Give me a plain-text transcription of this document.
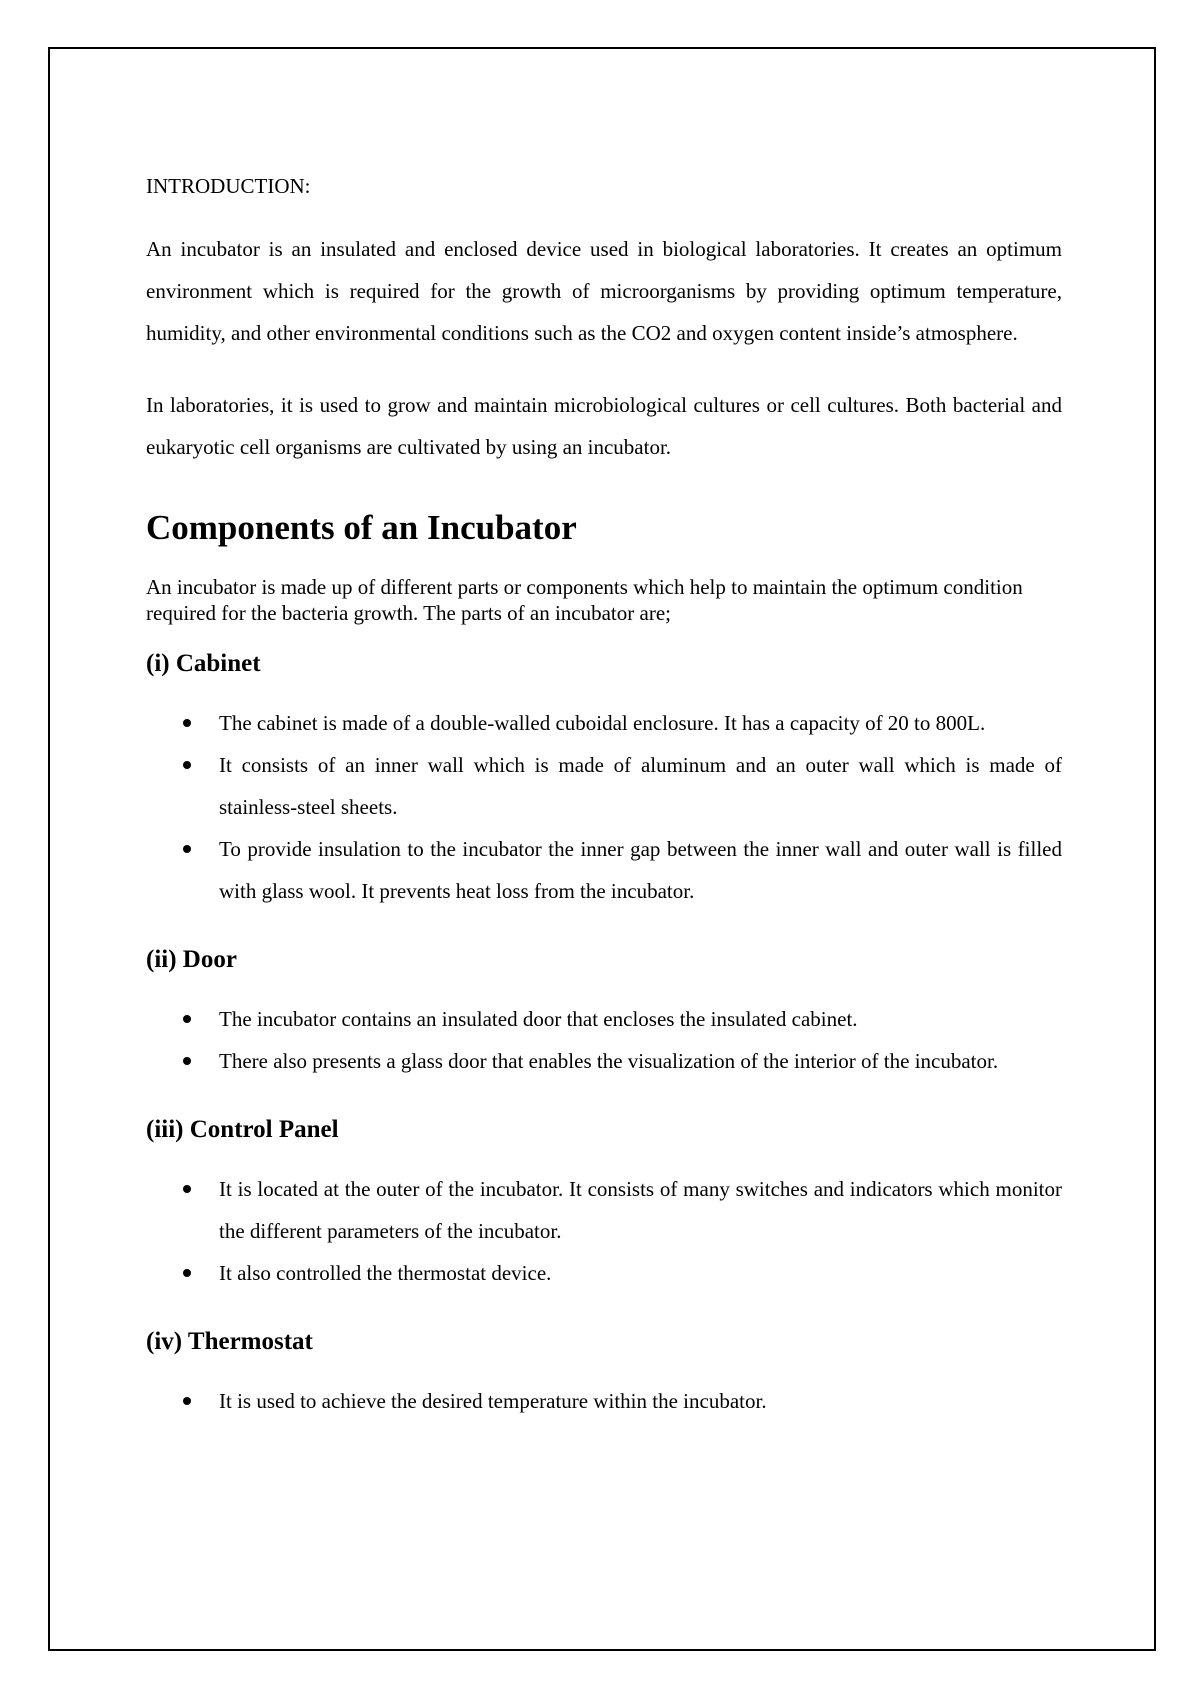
INTRODUCTION:

An incubator is an insulated and enclosed device used in biological laboratories. It creates an optimum environment which is required for the growth of microorganisms by providing optimum temperature, humidity, and other environmental conditions such as the CO2 and oxygen content inside’s atmosphere.

In laboratories, it is used to grow and maintain microbiological cultures or cell cultures. Both bacterial and eukaryotic cell organisms are cultivated by using an incubator.

Components of an Incubator

An incubator is made up of different parts or components which help to maintain the optimum condition required for the bacteria growth. The parts of an incubator are;

(i) Cabinet
The cabinet is made of a double-walled cuboidal enclosure. It has a capacity of 20 to 800L.
It consists of an inner wall which is made of aluminum and an outer wall which is made of stainless-steel sheets.
To provide insulation to the incubator the inner gap between the inner wall and outer wall is filled with glass wool. It prevents heat loss from the incubator.
(ii) Door
The incubator contains an insulated door that encloses the insulated cabinet.
There also presents a glass door that enables the visualization of the interior of the incubator.
(iii) Control Panel
It is located at the outer of the incubator. It consists of many switches and indicators which monitor the different parameters of the incubator.
It also controlled the thermostat device.
(iv) Thermostat
It is used to achieve the desired temperature within the incubator.
